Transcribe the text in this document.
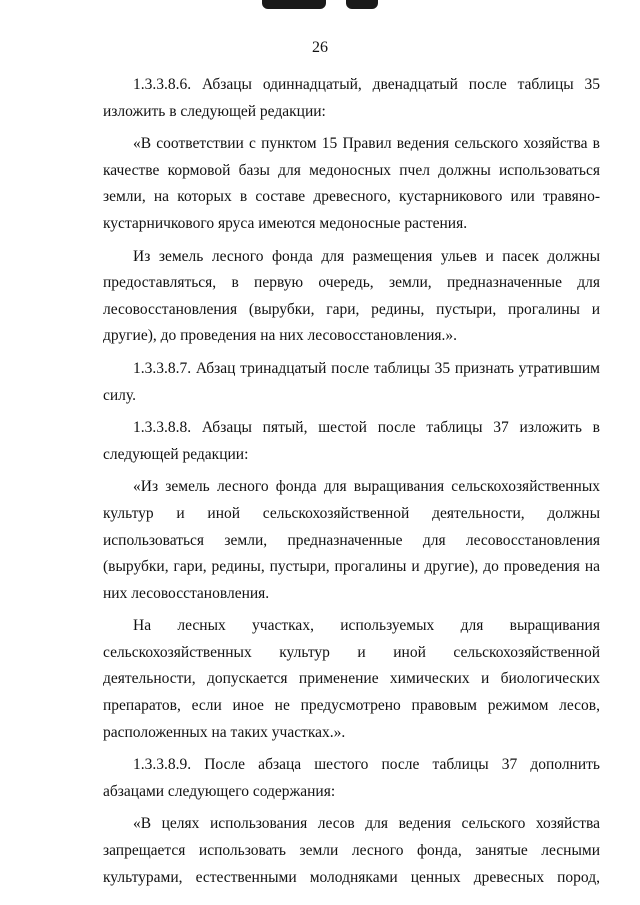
26

1.3.3.8.6. Абзацы одиннадцатый, двенадцатый после таблицы 35 изложить в следующей редакции:

«В соответствии с пунктом 15 Правил ведения сельского хозяйства в качестве кормовой базы для медоносных пчел должны использоваться земли, на которых в составе древесного, кустарникового или травяно-кустарничкового яруса имеются медоносные растения.

Из земель лесного фонда для размещения ульев и пасек должны предоставляться, в первую очередь, земли, предназначенные для лесовосстановления (вырубки, гари, редины, пустыри, прогалины и другие), до проведения на них лесовосстановления.».

1.3.3.8.7. Абзац тринадцатый после таблицы 35 признать утратившим силу.

1.3.3.8.8. Абзацы пятый, шестой после таблицы 37 изложить в следующей редакции:

«Из земель лесного фонда для выращивания сельскохозяйственных культур и иной сельскохозяйственной деятельности, должны использоваться земли, предназначенные для лесовосстановления (вырубки, гари, редины, пустыри, прогалины и другие), до проведения на них лесовосстановления.

На лесных участках, используемых для выращивания сельскохозяйственных культур и иной сельскохозяйственной деятельности, допускается применение химических и биологических препаратов, если иное не предусмотрено правовым режимом лесов, расположенных на таких участках.».

1.3.3.8.9. После абзаца шестого после таблицы 37 дополнить абзацами следующего содержания:

«В целях использования лесов для ведения сельского хозяйства запрещается использовать земли лесного фонда, занятые лесными культурами, естественными молодняками ценных древесных пород,
